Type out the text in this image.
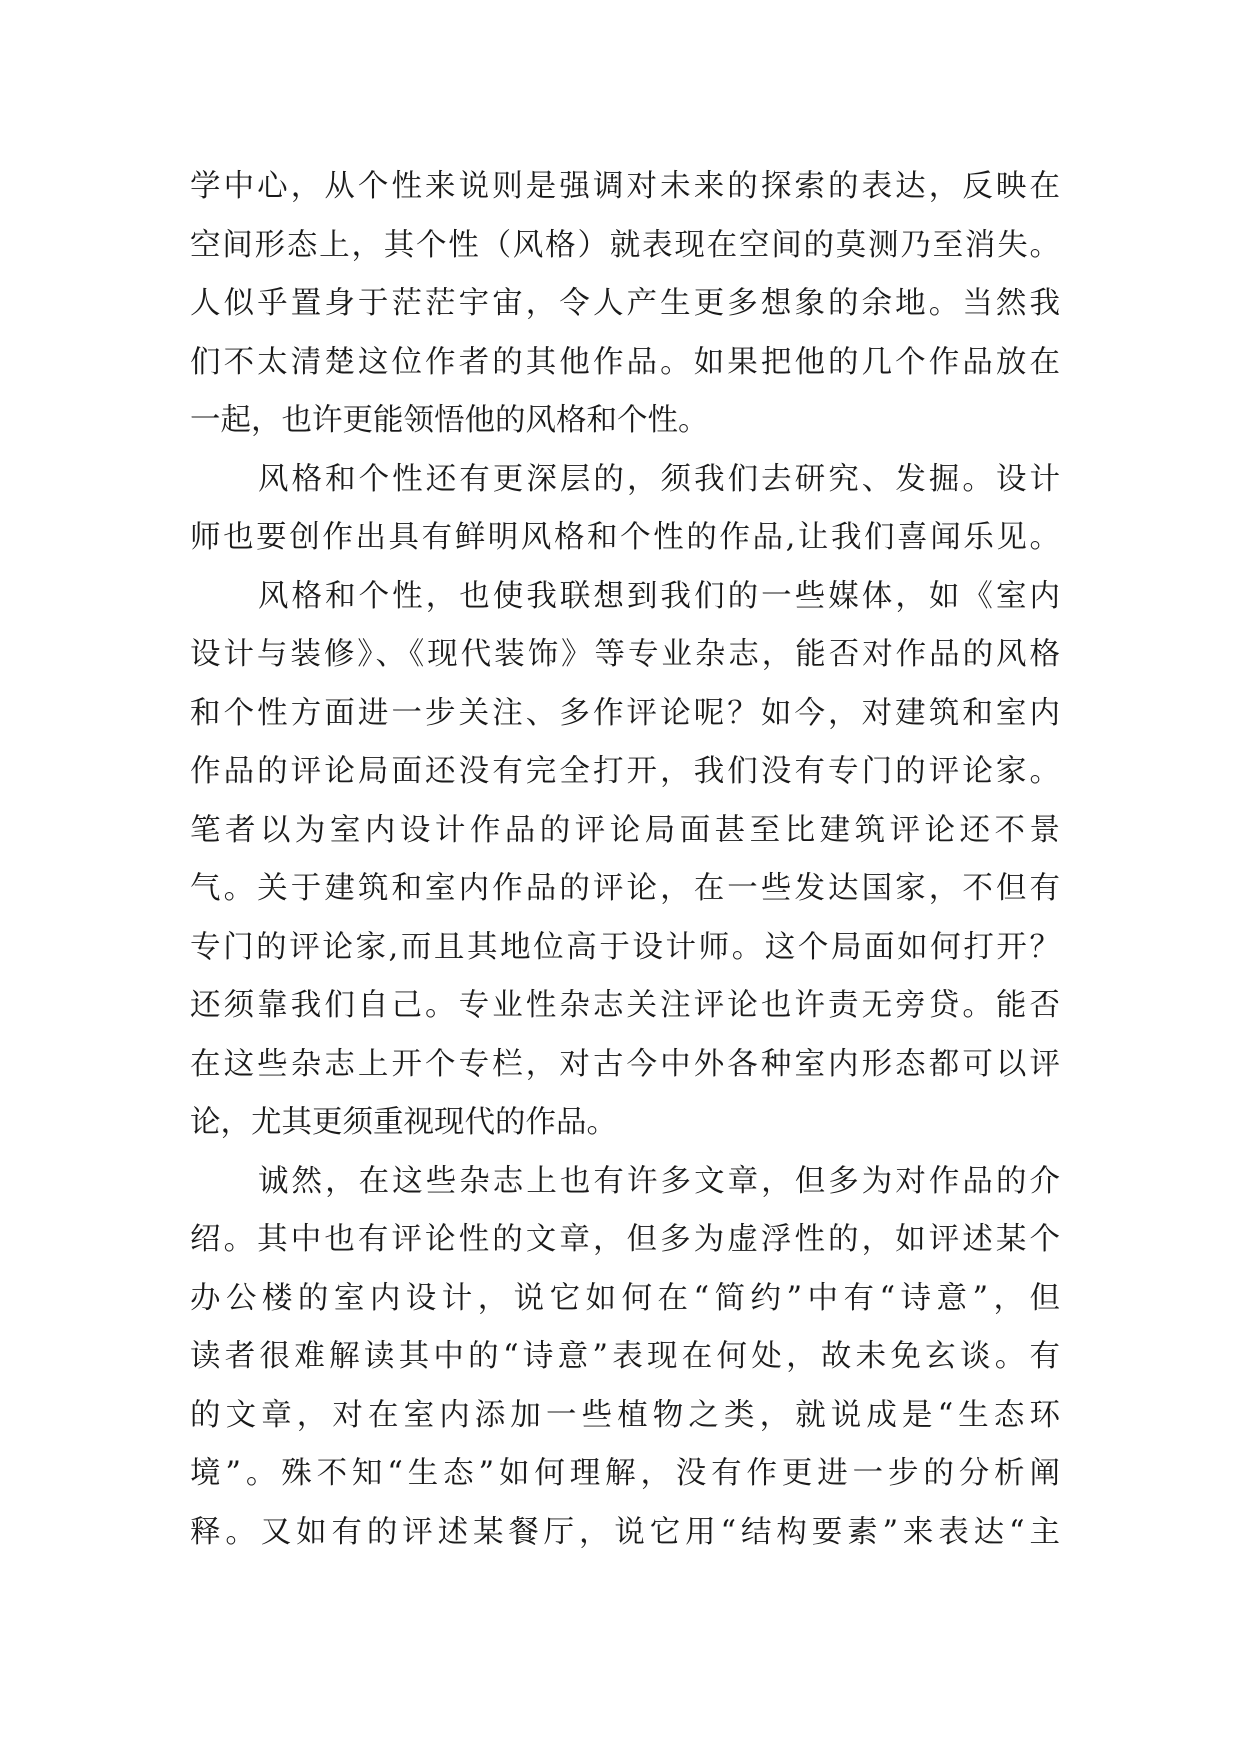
学中心，从个性来说则是强调对未来的探索的表达，反映在
空间形态上，其个性（风格）就表现在空间的莫测乃至消失。
人似乎置身于茫茫宇宙，令人产生更多想象的余地。当然我
们不太清楚这位作者的其他作品。如果把他的几个作品放在
一起，也许更能领悟他的风格和个性。
风格和个性还有更深层的，须我们去研究、发掘。设计
师也要创作出具有鲜明风格和个性的作品,让我们喜闻乐见。
风格和个性，也使我联想到我们的一些媒体，如《室内
设计与装修》、《现代装饰》等专业杂志，能否对作品的风格
和个性方面进一步关注、多作评论呢？如今，对建筑和室内
作品的评论局面还没有完全打开，我们没有专门的评论家。
笔者以为室内设计作品的评论局面甚至比建筑评论还不景
气。关于建筑和室内作品的评论，在一些发达国家，不但有
专门的评论家,而且其地位高于设计师。这个局面如何打开？
还须靠我们自己。专业性杂志关注评论也许责无旁贷。能否
在这些杂志上开个专栏，对古今中外各种室内形态都可以评
论，尤其更须重视现代的作品。
诚然，在这些杂志上也有许多文章，但多为对作品的介
绍。其中也有评论性的文章，但多为虚浮性的，如评述某个
办公楼的室内设计，说它如何在“简约”中有“诗意”，但
读者很难解读其中的“诗意”表现在何处，故未免玄谈。有
的文章，对在室内添加一些植物之类，就说成是“生态环
境”。殊不知“生态”如何理解，没有作更进一步的分析阐
释。又如有的评述某餐厅，说它用“结构要素”来表达“主
